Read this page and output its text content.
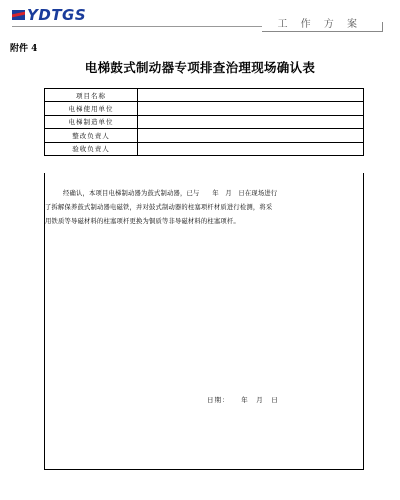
YDTGS
工 作 方 案
附件 4
电梯鼓式制动器专项排查治理现场确认表
项目名称
电梯使用单位
电梯制造单位
整改负责人
验收负责人
经确认，本项目电梯制动器为鼓式制动器，已与　　年　月　日在现场进行
了拆解保养鼓式制动器电磁铁，并对鼓式制动器的柱塞项杆材质进行检测，将采
用铁质等导磁材料的柱塞项杆更换为铜质等非导磁材料的柱塞项杆。
日期：　　年　月　日
